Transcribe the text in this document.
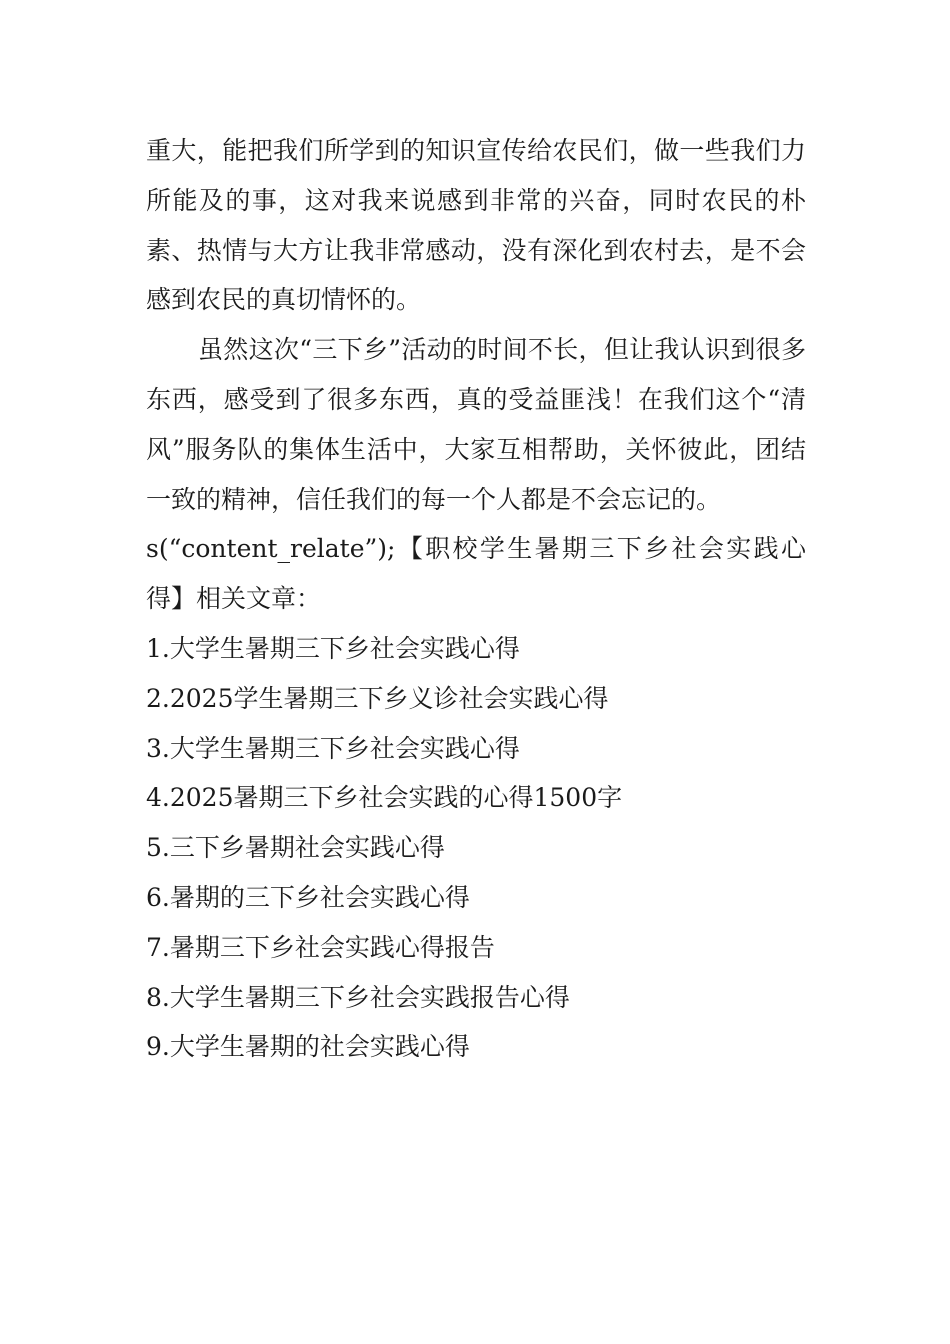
重大，能把我们所学到的知识宣传给农民们，做一些我们力所能及的事，这对我来说感到非常的兴奋，同时农民的朴素、热情与大方让我非常感动，没有深化到农村去，是不会感到农民的真切情怀的。

虽然这次“三下乡”活动的时间不长，但让我认识到很多东西，感受到了很多东西，真的受益匪浅！在我们这个“清风”服务队的集体生活中，大家互相帮助，关怀彼此，团结一致的精神，信任我们的每一个人都是不会忘记的。

s(“content_relate”);【职校学生暑期三下乡社会实践心得】相关文章：

1.大学生暑期三下乡社会实践心得
2.2025学生暑期三下乡义诊社会实践心得
3.大学生暑期三下乡社会实践心得
4.2025暑期三下乡社会实践的心得1500字
5.三下乡暑期社会实践心得
6.暑期的三下乡社会实践心得
7.暑期三下乡社会实践心得报告
8.大学生暑期三下乡社会实践报告心得
9.大学生暑期的社会实践心得
